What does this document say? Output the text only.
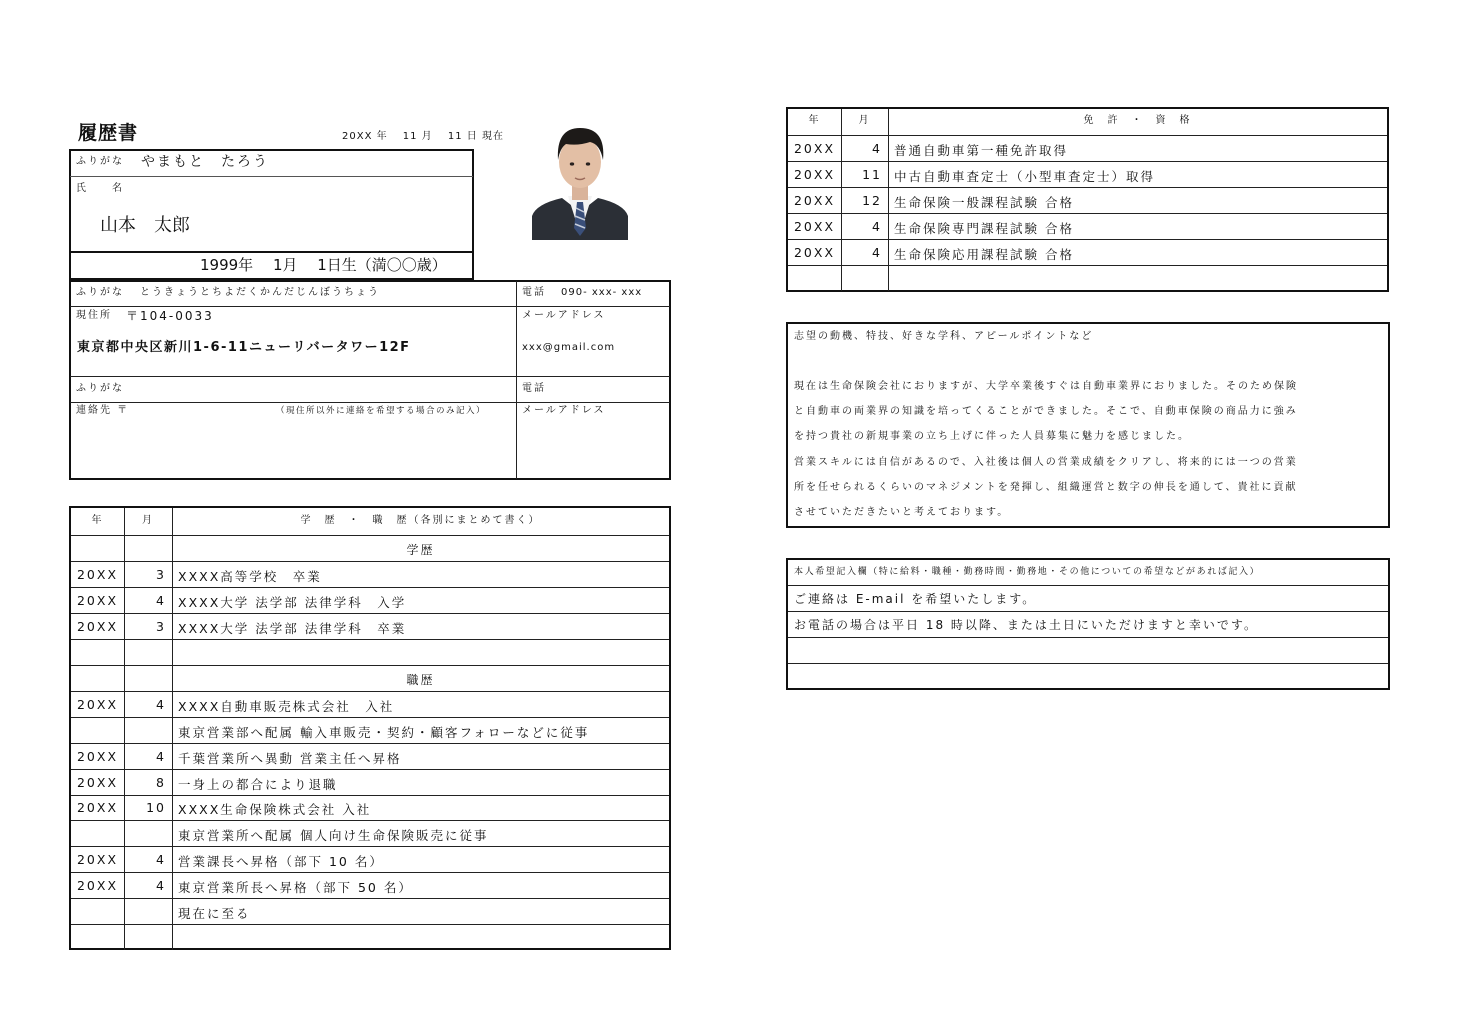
履歴書	20XX 年　 11 月　 11 日 現在
ふりがな やまもと　たろう
氏　　名
山本　太郎
1999年　 1月　 1日生（満〇〇歳）
ふりがな とうきょうとちよだくかんだじんぼうちょう
現住所 〒104-0033
東京都中央区新川1-6-11ニューリバータワー12F
電話 090- xxx- xxx
メールアドレス
xxx@gmail.com
ふりがな
連絡先 〒	（現住所以外に連絡を希望する場合のみ記入）
電話
メールアドレス
年	月	学　歴　・　職　歴（各別にまとめて書く）
学歴
20XX	3 XXXX高等学校　卒業
20XX	4 XXXX大学 法学部 法律学科　入学
20XX	3 XXXX大学 法学部 法律学科　卒業
職歴
20XX	4 XXXX自動車販売株式会社　入社
東京営業部へ配属 輸入車販売・契約・顧客フォローなどに従事
20XX	4 千葉営業所へ異動 営業主任へ昇格
20XX	8 一身上の都合により退職
20XX	10 XXXX生命保険株式会社 入社
東京営業所へ配属 個人向け生命保険販売に従事
20XX	4 営業課長へ昇格（部下 10 名）
20XX	4 東京営業所長へ昇格（部下 50 名）
現在に至る
年	月	免　許　・　資　格
20XX	4 普通自動車第一種免許取得
20XX	11 中古自動車査定士（小型車査定士）取得
20XX	12 生命保険一般課程試験 合格
20XX	4 生命保険専門課程試験 合格
20XX	4 生命保険応用課程試験 合格
志望の動機、特技、好きな学科、アピールポイントなど
現在は生命保険会社におりますが、大学卒業後すぐは自動車業界におりました。そのため保険
と自動車の両業界の知識を培ってくることができました。そこで、自動車保険の商品力に強み
を持つ貴社の新規事業の立ち上げに伴った人員募集に魅力を感じました。
営業スキルには自信があるので、入社後は個人の営業成績をクリアし、将来的には一つの営業
所を任せられるくらいのマネジメントを発揮し、組織運営と数字の伸長を通して、貴社に貢献
させていただきたいと考えております。
本人希望記入欄（特に給料・職種・勤務時間・勤務地・その他についての希望などがあれば記入）
ご連絡は E-mail を希望いたします。
お電話の場合は平日 18 時以降、または土日にいただけますと幸いです。
